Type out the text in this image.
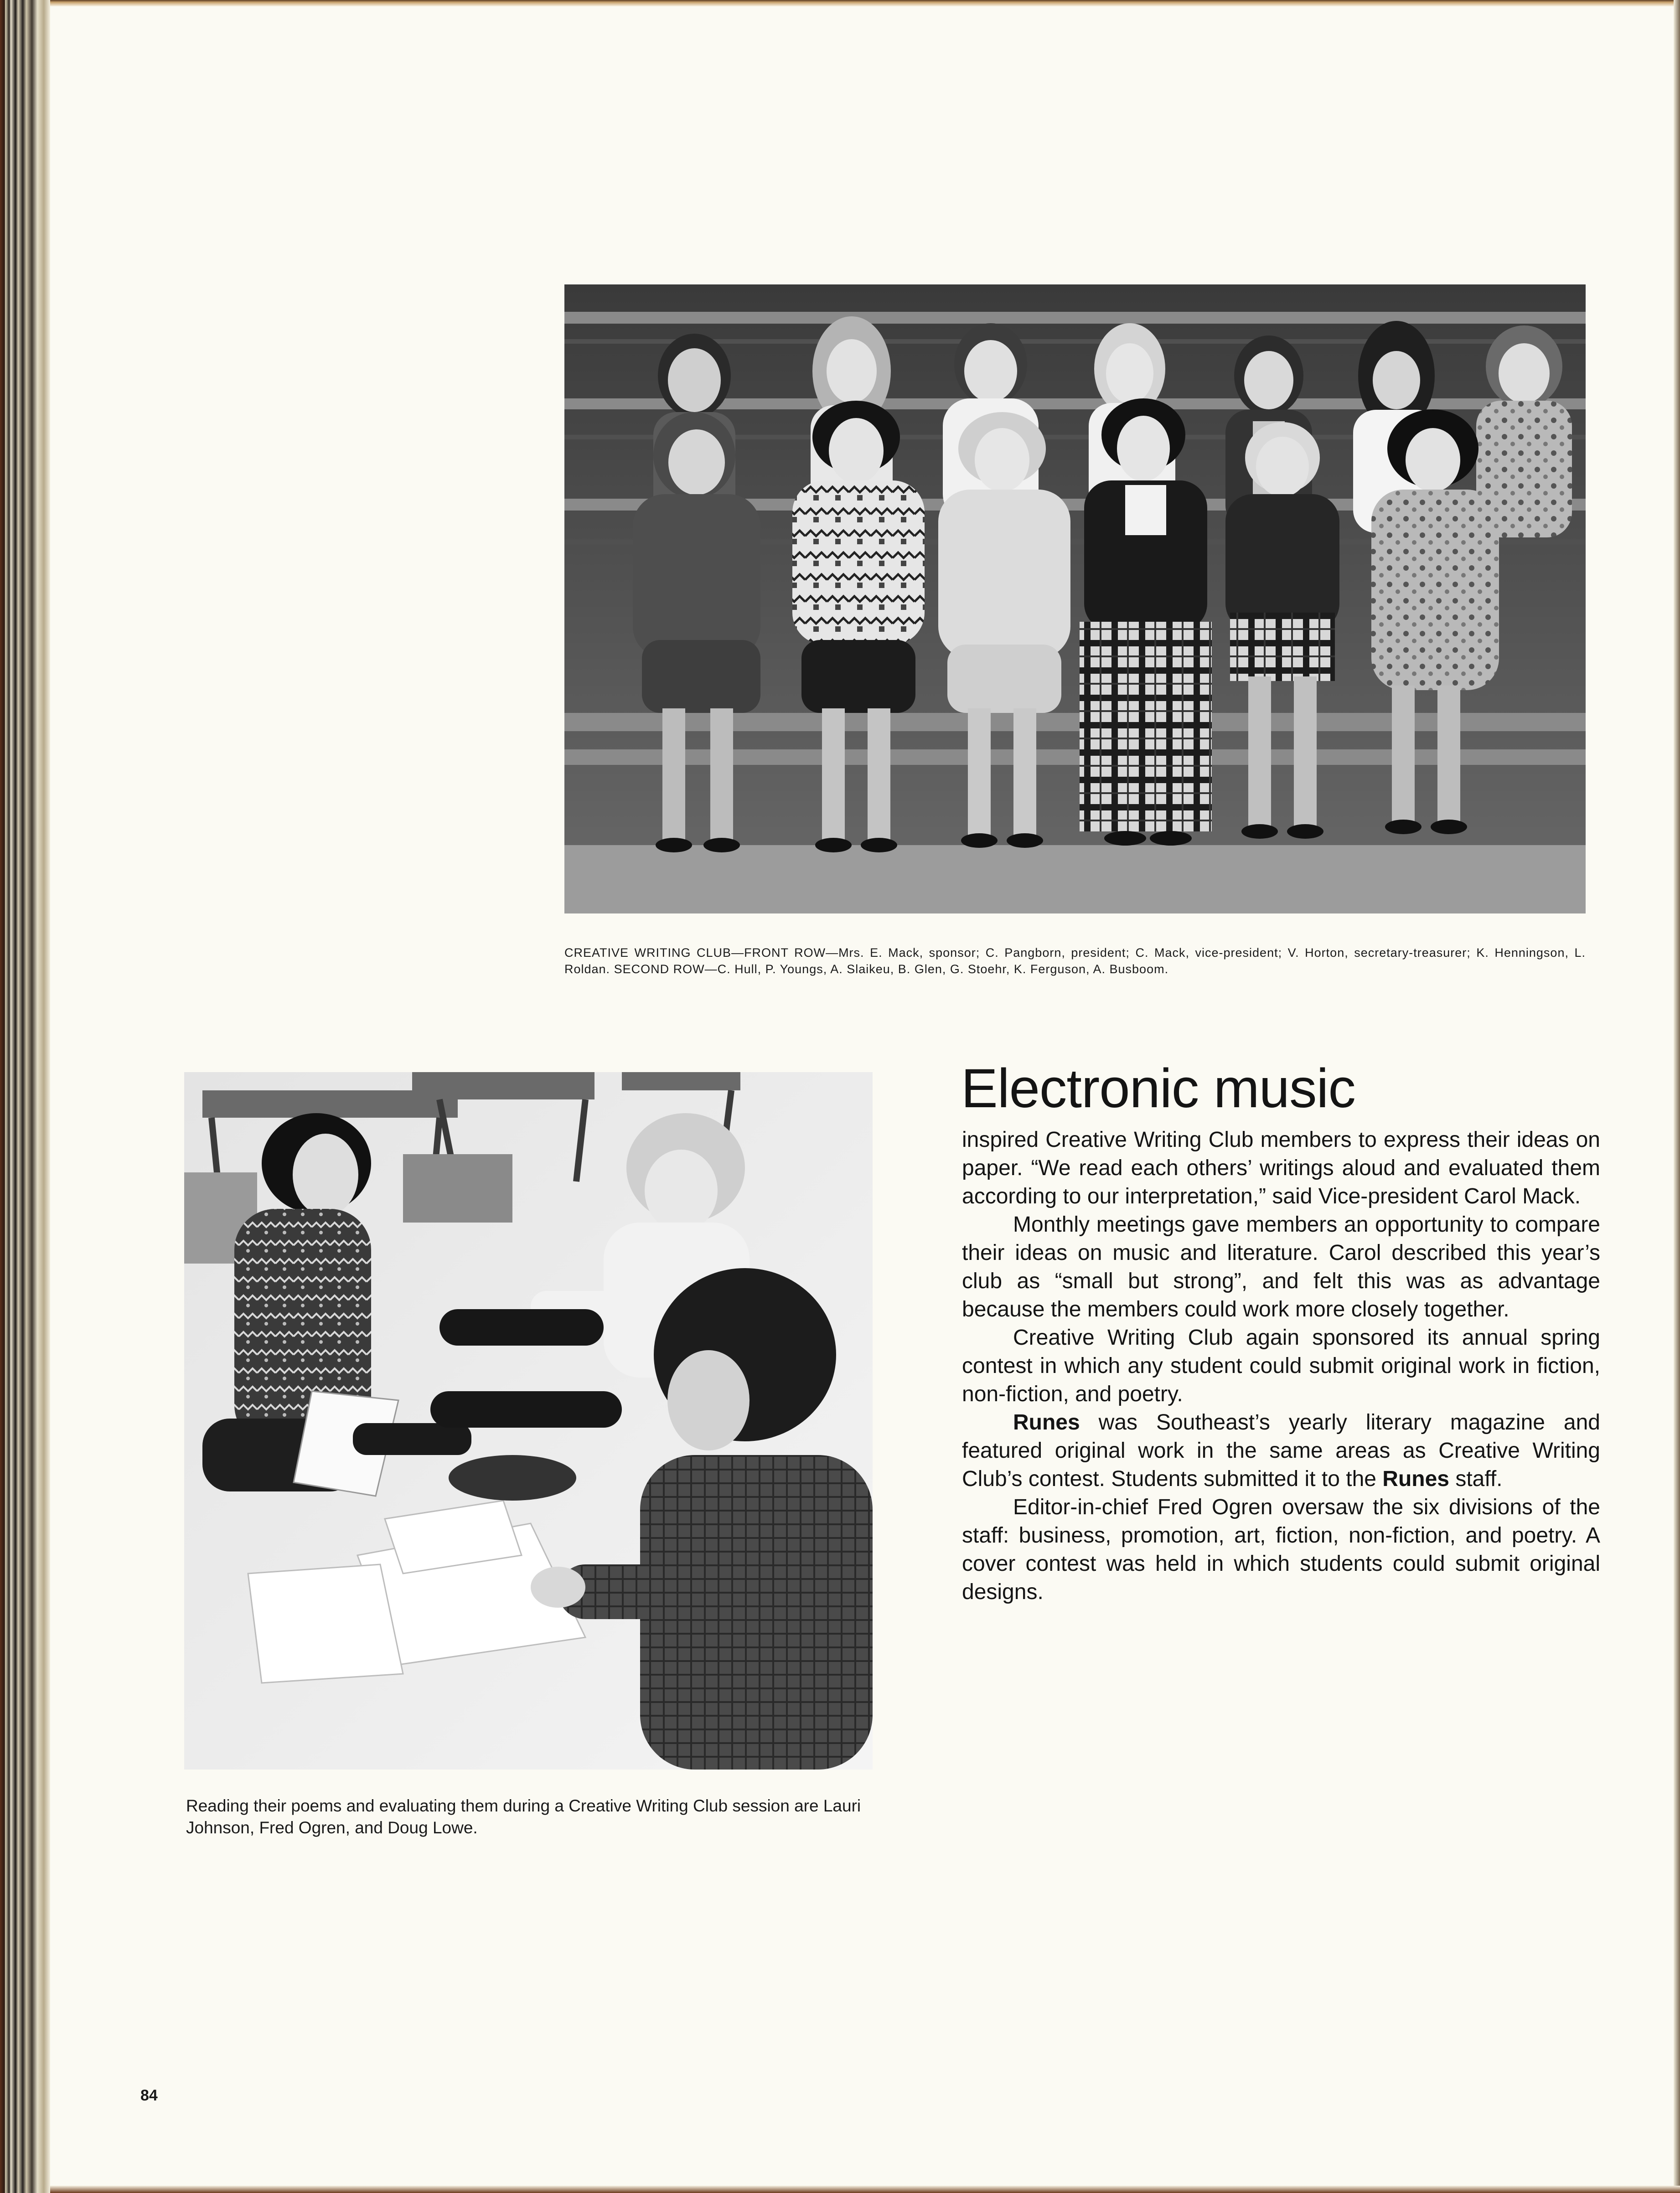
CREATIVE WRITING CLUB—FRONT ROW—Mrs. E. Mack, sponsor; C. Pangborn, president; C. Mack, vice-president; V. Horton, secretary-treasurer; K. Henningson, L. Roldan. SECOND ROW—C. Hull, P. Youngs, A. Slaikeu, B. Glen, G. Stoehr, K. Ferguson, A. Busboom.
Reading their poems and evaluating them during a Creative Writing Club session are Lauri Johnson, Fred Ogren, and Doug Lowe.
Electronic music

inspired Creative Writing Club members to express their ideas on paper. “We read each others’ writings aloud and evaluated them according to our interpretation,” said Vice-president Carol Mack.

Monthly meetings gave members an opportunity to compare their ideas on music and literature. Carol described this year’s club as “small but strong”, and felt this was as advantage because the members could work more closely together.

Creative Writing Club again sponsored its annual spring contest in which any student could submit original work in fiction, non-fiction, and poetry.

Runes was Southeast’s yearly literary magazine and featured original work in the same areas as Creative Writing Club’s contest. Students submitted it to the Runes staff.

Editor-in-chief Fred Ogren oversaw the six divisions of the staff: business, promotion, art, fiction, non-fiction, and poetry. A cover contest was held in which students could submit original designs.

84
